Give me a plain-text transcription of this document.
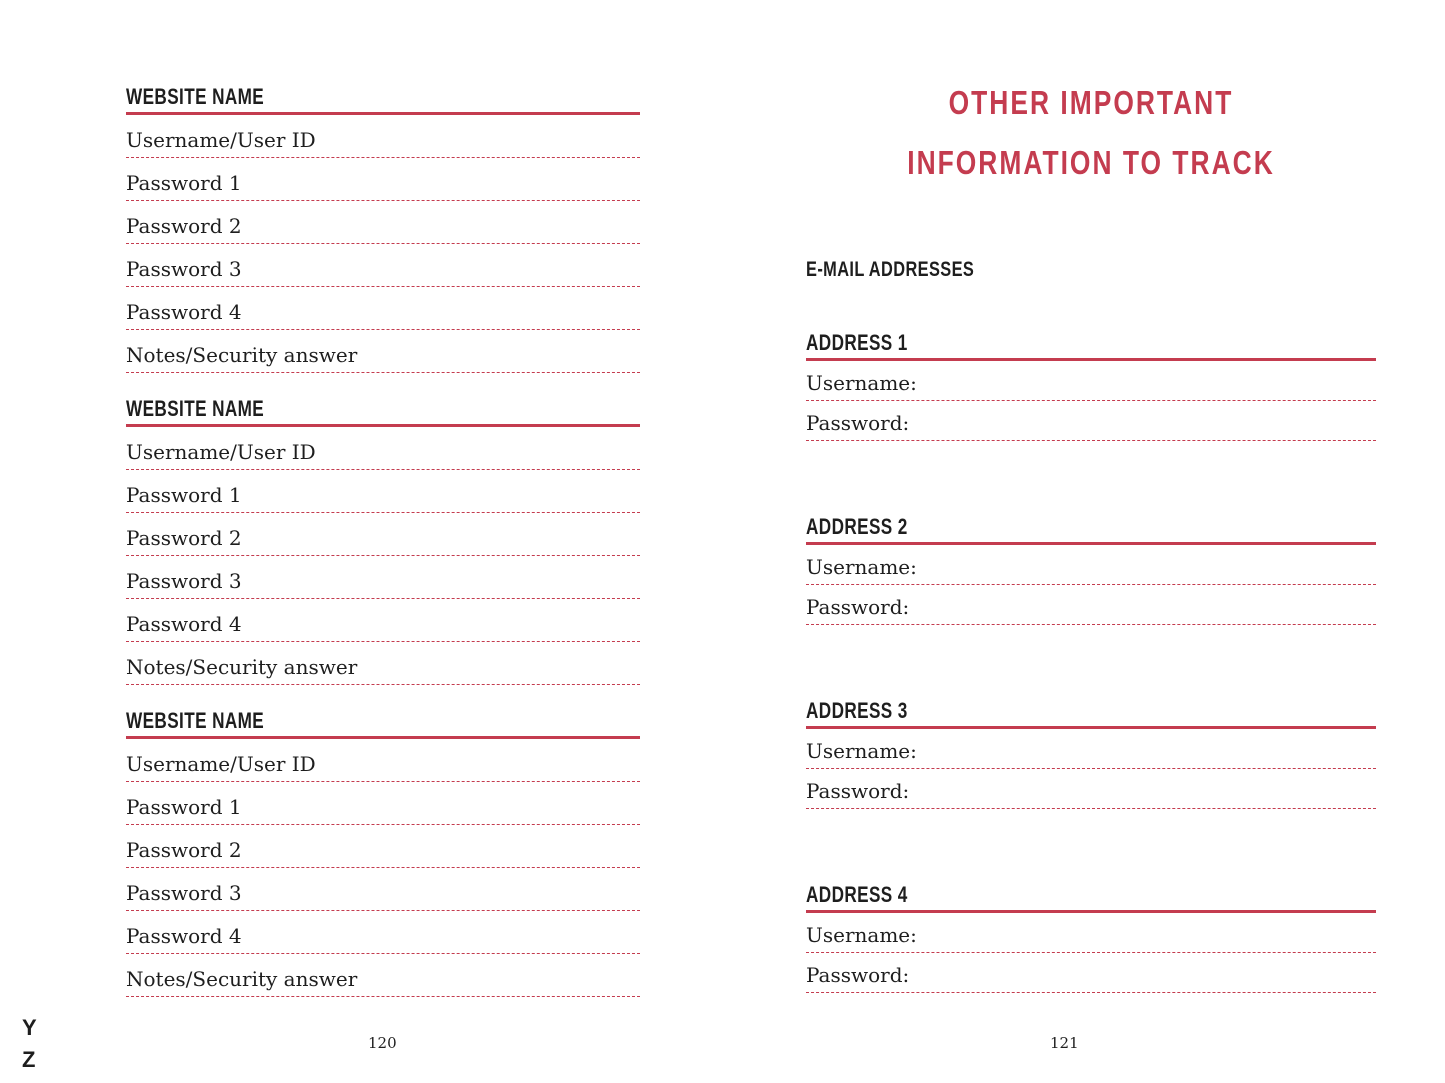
WEBSITE NAME
Username/User ID
Password 1
Password 2
Password 3
Password 4
Notes/Security answer
WEBSITE NAME
Username/User ID
Password 1
Password 2
Password 3
Password 4
Notes/Security answer
WEBSITE NAME
Username/User ID
Password 1
Password 2
Password 3
Password 4
Notes/Security answer
120
OTHER IMPORTANT
INFORMATION TO TRACK
E-MAIL ADDRESSES
ADDRESS 1
Username:
Password:
ADDRESS 2
Username:
Password:
ADDRESS 3
Username:
Password:
ADDRESS 4
Username:
Password:
121
Y
Z
